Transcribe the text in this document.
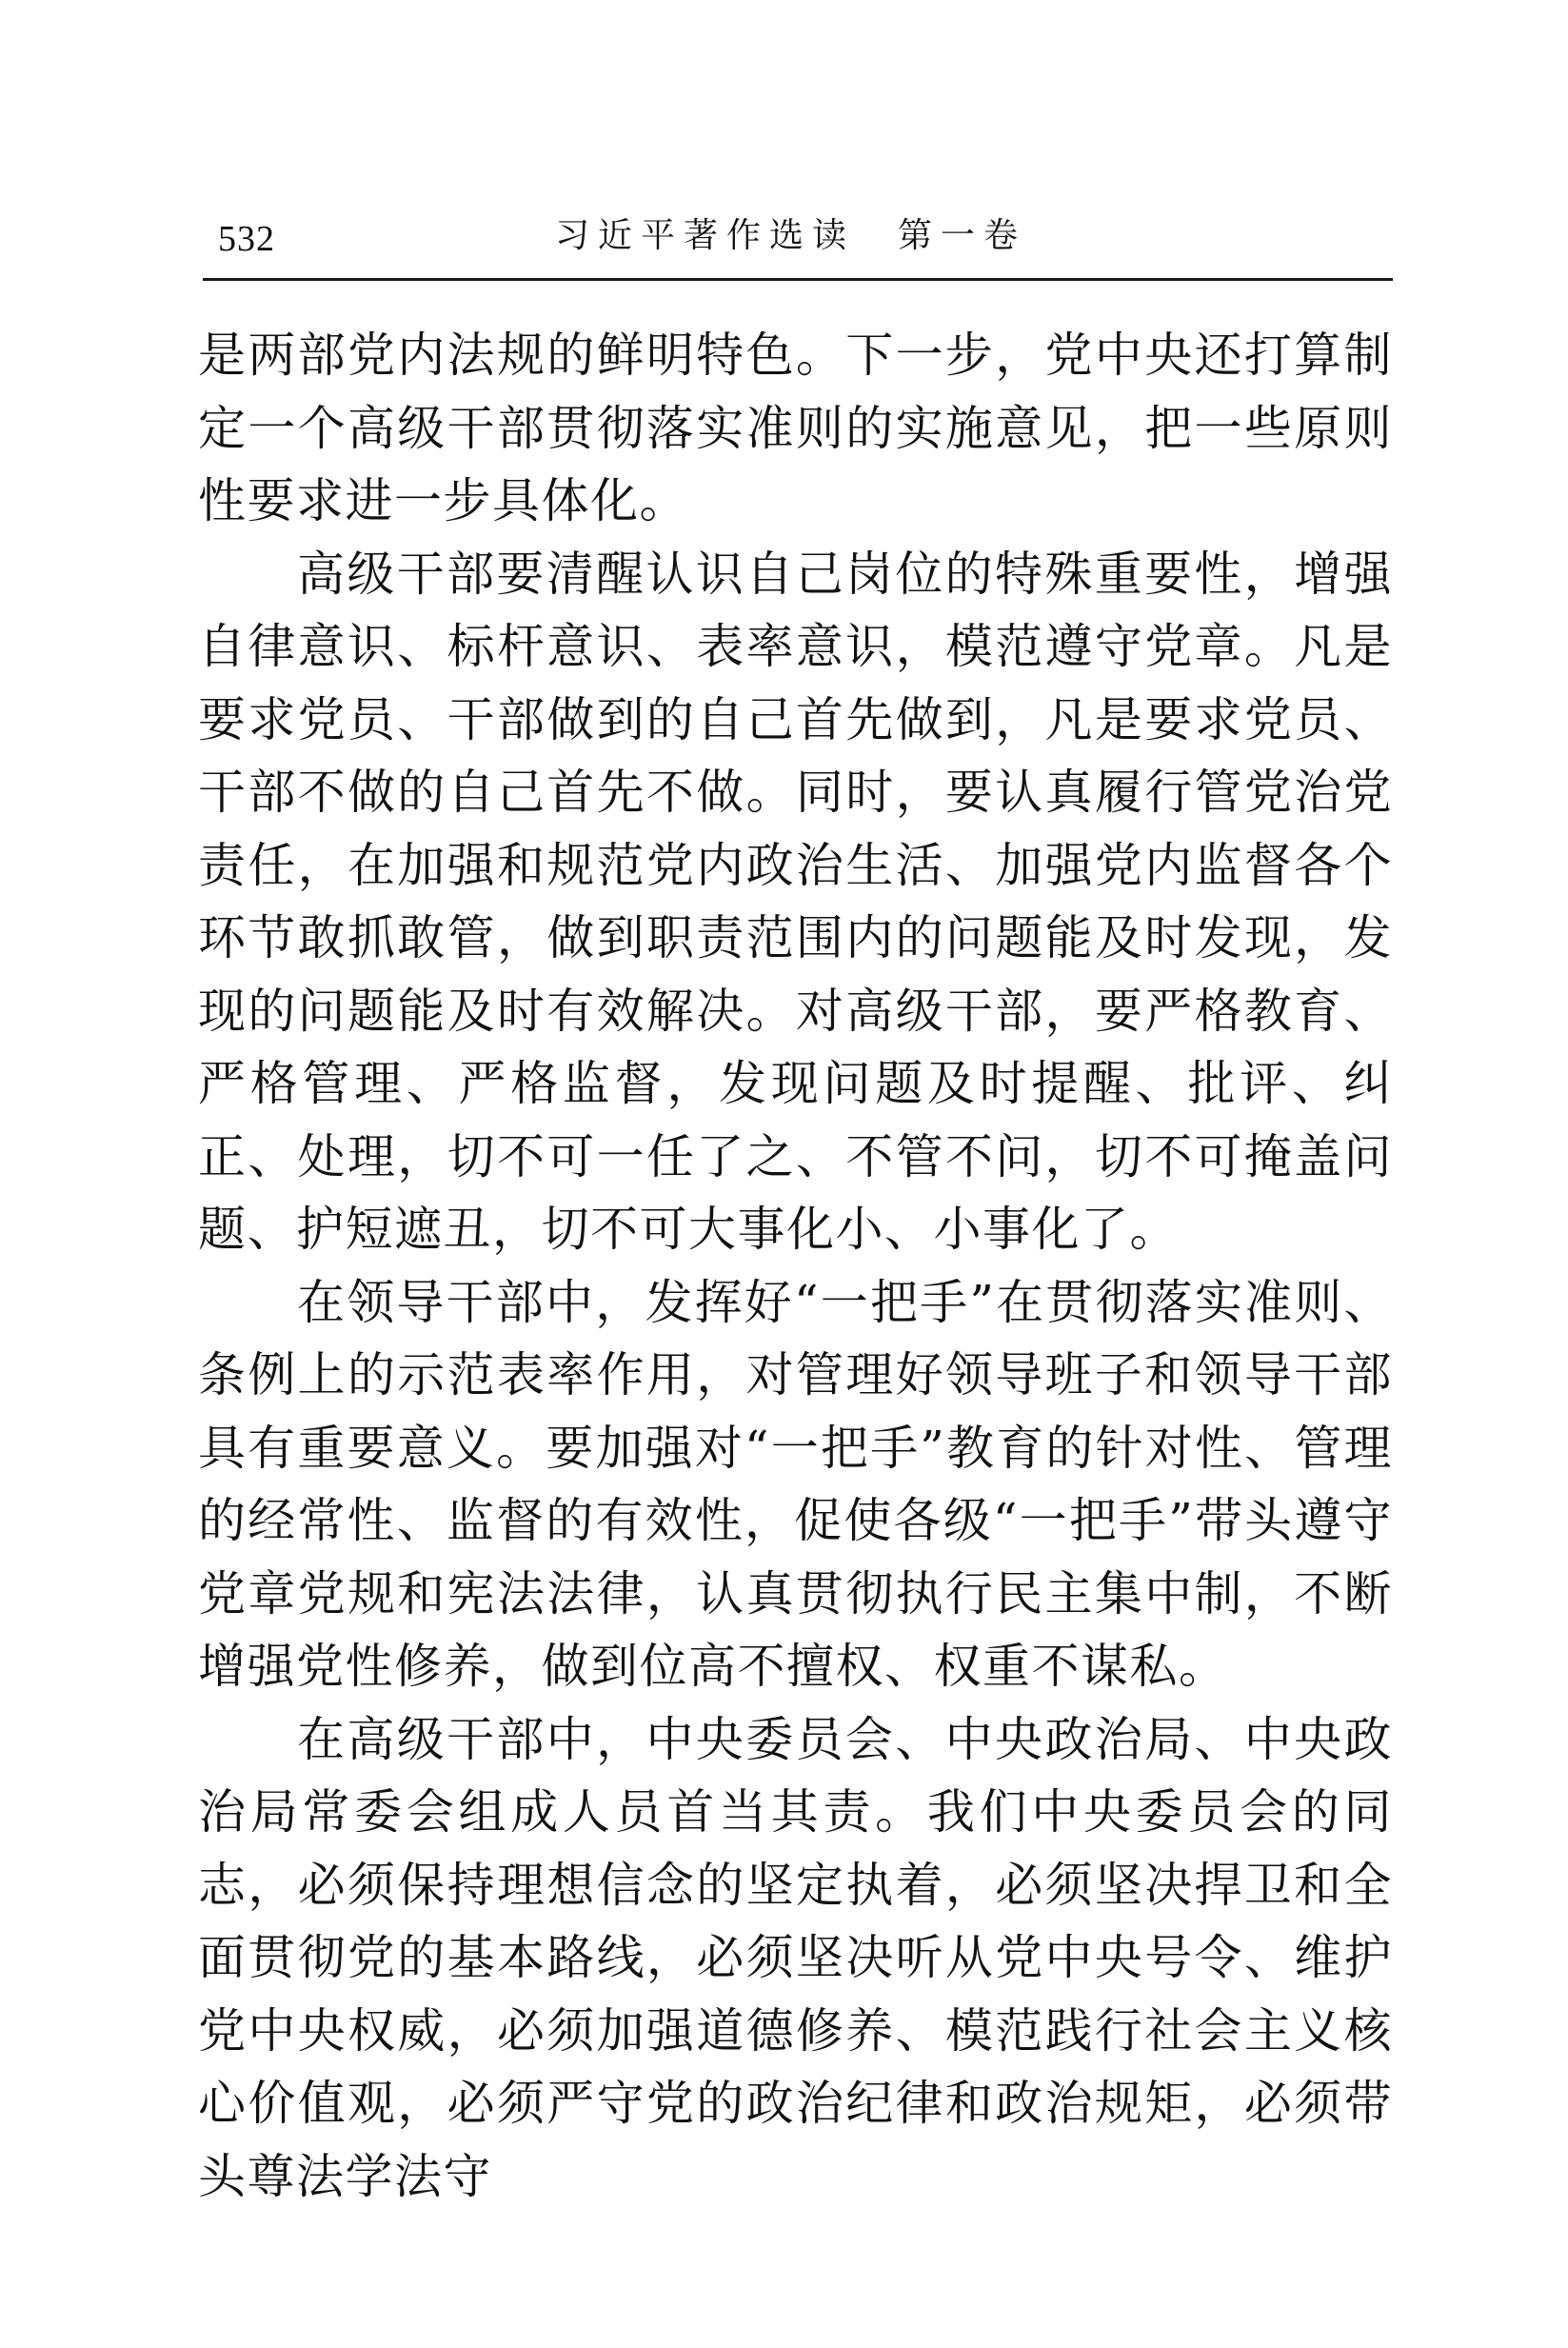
532	习近平著作选读　第一卷

是两部党内法规的鲜明特色。下一步，党中央还打算制定一个高级干部贯彻落实准则的实施意见，把一些原则性要求进一步具体化。

高级干部要清醒认识自己岗位的特殊重要性，增强自律意识、标杆意识、表率意识，模范遵守党章。凡是要求党员、干部做到的自己首先做到，凡是要求党员、干部不做的自己首先不做。同时，要认真履行管党治党责任，在加强和规范党内政治生活、加强党内监督各个环节敢抓敢管，做到职责范围内的问题能及时发现，发现的问题能及时有效解决。对高级干部，要严格教育、严格管理、严格监督，发现问题及时提醒、批评、纠正、处理，切不可一任了之、不管不问，切不可掩盖问题、护短遮丑，切不可大事化小、小事化了。

在领导干部中，发挥好“一把手”在贯彻落实准则、条例上的示范表率作用，对管理好领导班子和领导干部具有重要意义。要加强对“一把手”教育的针对性、管理的经常性、监督的有效性，促使各级“一把手”带头遵守党章党规和宪法法律，认真贯彻执行民主集中制，不断增强党性修养，做到位高不擅权、权重不谋私。

在高级干部中，中央委员会、中央政治局、中央政治局常委会组成人员首当其责。我们中央委员会的同志，必须保持理想信念的坚定执着，必须坚决捍卫和全面贯彻党的基本路线，必须坚决听从党中央号令、维护党中央权威，必须加强道德修养、模范践行社会主义核心价值观，必须严守党的政治纪律和政治规矩，必须带头尊法学法守
